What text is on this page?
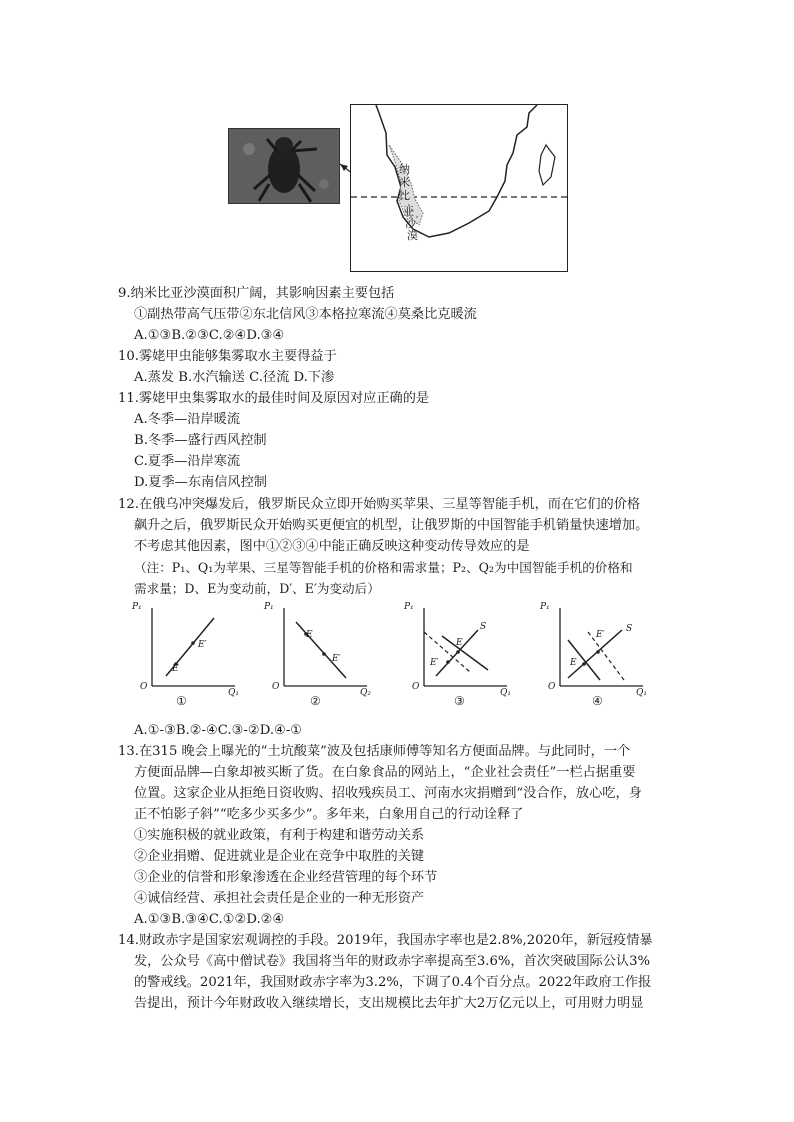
纳
米
比
亚
沙
漠
9.纳米比亚沙漠面积广阔，其影响因素主要包括
①副热带高气压带②东北信风③本格拉寒流④莫桑比克暖流
A.①③B.②③C.②④D.③④
10.雾姥甲虫能够集雾取水主要得益于
A.蒸发 B.水汽输送 C.径流 D.下渗
11.雾姥甲虫集雾取水的最佳时间及原因对应正确的是
A.冬季—沿岸暖流
B.冬季—盛行西风控制
C.夏季—沿岸寒流
D.夏季—东南信风控制
12.在俄乌冲突爆发后，俄罗斯民众立即开始购买苹果、三星等智能手机，而在它们的价格
飙升之后，俄罗斯民众开始购买更便宜的机型，让俄罗斯的中国智能手机销量快速增加。
不考虑其他因素，图中①②③④中能正确反映这种变动传导效应的是
（注：P₁、Q₁为苹果、三星等智能手机的价格和需求量；P₂、Q₂为中国智能手机的价格和
需求量；D、E为变动前，D′、E′为变动后）
P₁
Q₁
O
E
E′
①
P₁
Q₂
O
E
E′
②
P₁
Q₁
O
E
E′
S
③
P₁
Q₁
O
E
E′
S
④
A.①-③B.②-④C.③-②D.④-①
13.在315 晚会上曝光的“土坑酸菜”波及包括康师傅等知名方便面品牌。与此同时，一个
方便面品牌—白象却被买断了货。在白象食品的网站上，“企业社会责任”一栏占据重要
位置。这家企业从拒绝日资收购、招收残疾员工、河南水灾捐赠到“没合作，放心吃，身
正不怕影子斜”“吃多少买多少”。多年来，白象用自己的行动诠释了
①实施积极的就业政策，有利于构建和谐劳动关系
②企业捐赠、促进就业是企业在竞争中取胜的关键
③企业的信誉和形象渗透在企业经营管理的每个环节
④诚信经营、承担社会责任是企业的一种无形资产
A.①③B.③④C.①②D.②④
14.财政赤字是国家宏观调控的手段。2019年，我国赤字率也是2.8%,2020年，新冠疫情暴
发，公众号《高中僧试卷》我国将当年的财政赤字率提高至3.6%，首次突破国际公认3%
的警戒线。2021年，我国财政赤字率为3.2%，下调了0.4个百分点。2022年政府工作报
告提出，预计今年财政收入继续增长，支出规模比去年扩大2万亿元以上，可用财力明显
